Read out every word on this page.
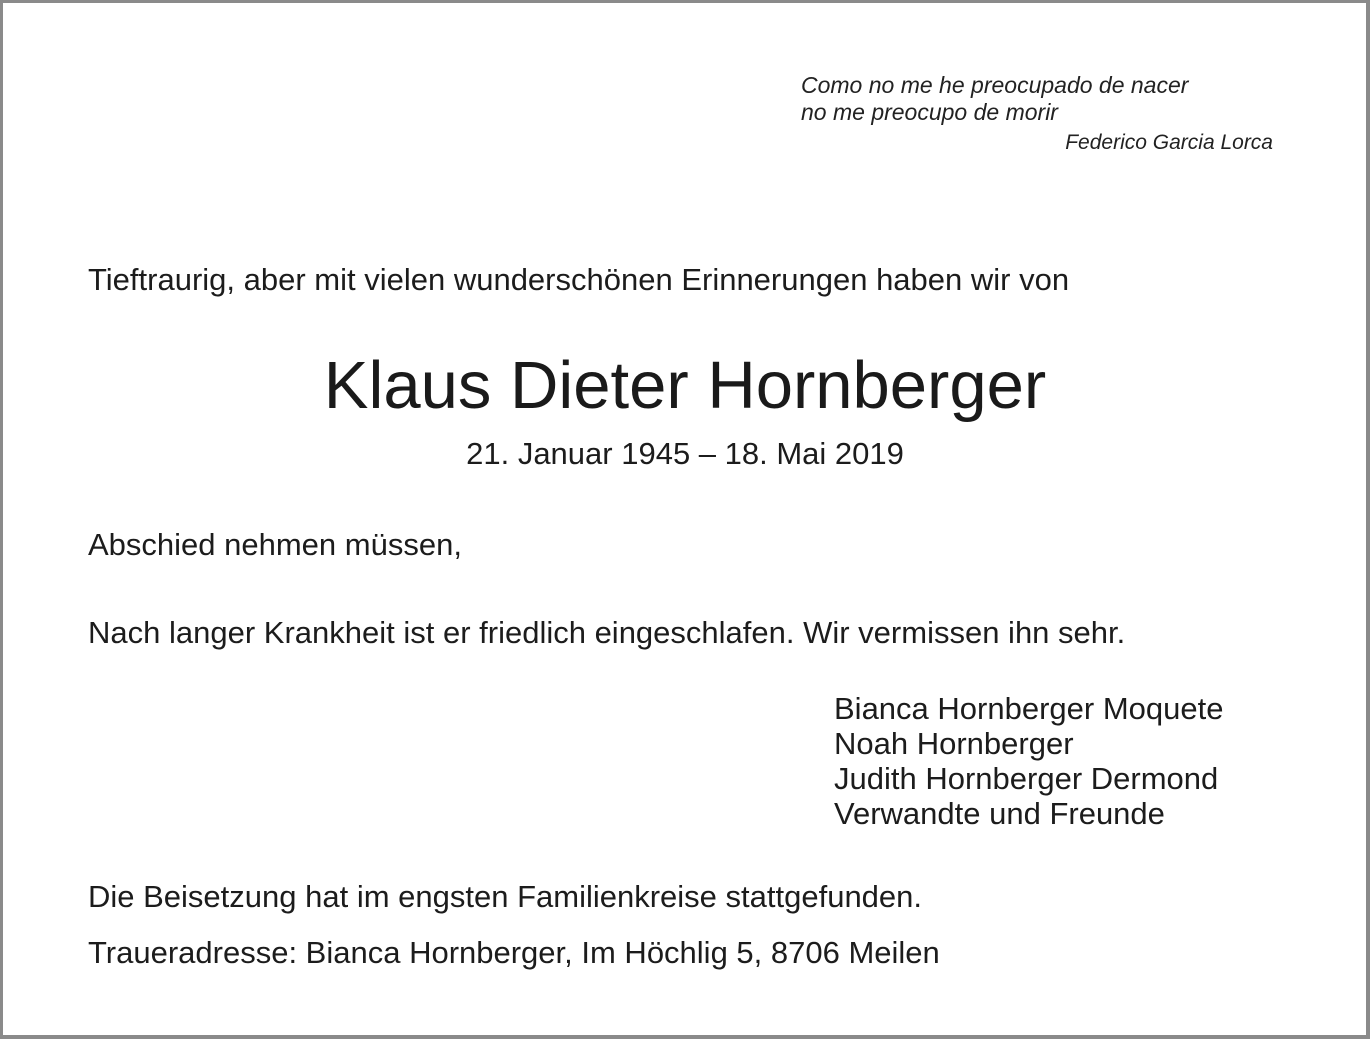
Como no me he preocupado de nacer
no me preocupo de morir
Federico Garcia Lorca
Tieftraurig, aber mit vielen wunderschönen Erinnerungen haben wir von
Klaus Dieter Hornberger
21. Januar 1945 – 18. Mai 2019
Abschied nehmen müssen,
Nach langer Krankheit ist er friedlich eingeschlafen. Wir vermissen ihn sehr.
Bianca Hornberger Moquete
Noah Hornberger
Judith Hornberger Dermond
Verwandte und Freunde
Die Beisetzung hat im engsten Familienkreise stattgefunden.
Traueradresse: Bianca Hornberger, Im Höchlig 5, 8706 Meilen
